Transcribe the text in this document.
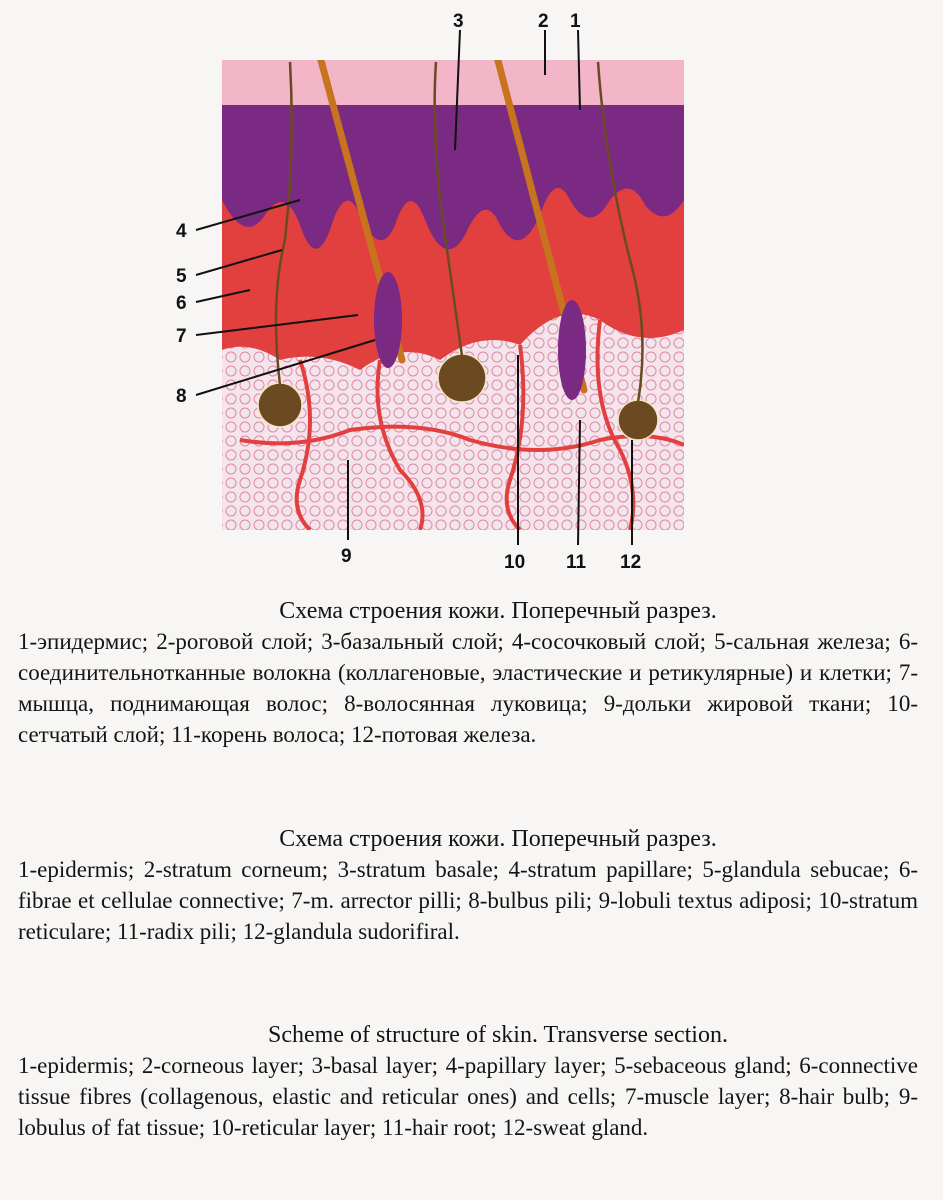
1
2
3
4
5
6
7
8
9	10 11 12

Схема строения кожи. Поперечный разрез.

1-эпидермис; 2-роговой слой; 3-базальный слой; 4-сосочковый слой; 5-сальная железа; 6-соединительнотканные волокна (коллагеновые, эластические и ретикулярные) и клетки; 7-мышца, поднимающая волос; 8-волосянная луковица; 9-дольки жировой ткани; 10-сетчатый слой; 11-корень волоса; 12-потовая железа.

Схема строения кожи. Поперечный разрез.

1-epidermis; 2-stratum corneum; 3-stratum basale; 4-stratum papillare; 5-glandula sebucae; 6-fibrae et cellulae connective; 7-m. arrector pilli; 8-bulbus pili; 9-lobuli textus adiposi; 10-stratum reticulare; 11-radix pili; 12-glandula sudorifiral.

Scheme of structure of skin. Transverse section.

1-epidermis; 2-corneous layer; 3-basal layer; 4-papillary layer; 5-sebaceous gland; 6-connective tissue fibres (collagenous, elastic and reticular ones) and cells; 7-muscle layer; 8-hair bulb; 9-lobulus of fat tissue; 10-reticular layer; 11-hair root; 12-sweat gland.
